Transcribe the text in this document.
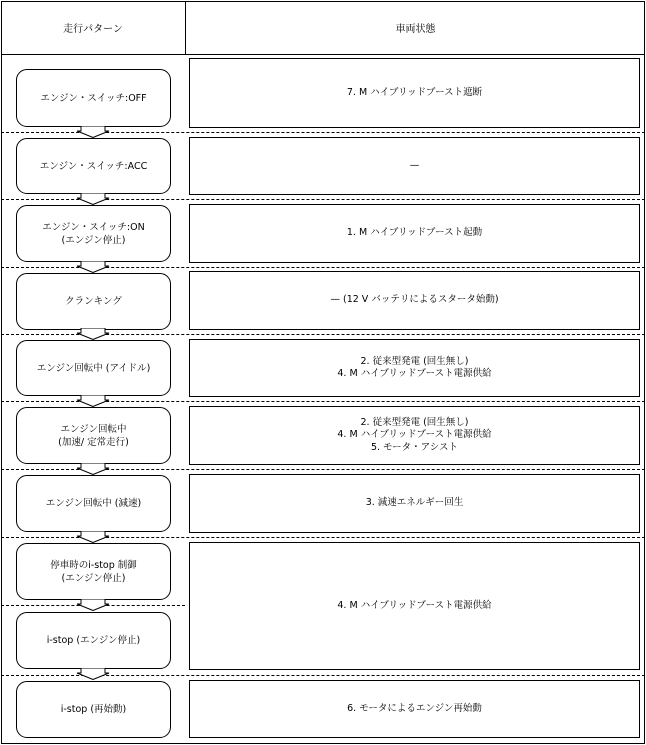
走行パターン	車両状態
エンジン・スイッチ:OFF
エンジン・スイッチ:ACC
エンジン・スイッチ:ON
(エンジン停止)
クランキング
エンジン回転中 (アイドル)
エンジン回転中
(加速/ 定常走行)
エンジン回転中 (減速)
停車時のi-stop 制御
(エンジン停止)
i-stop (エンジン停止)
i-stop (再始動)
7. M ハイブリッドブースト遮断
—
1. M ハイブリッドブースト起動
— (12 V バッテリによるスタータ始動)
2. 従来型発電 (回生無し)
4. M ハイブリッドブースト電源供給
2. 従来型発電 (回生無し)
4. M ハイブリッドブースト電源供給
5. モータ・アシスト
3. 減速エネルギー回生
4. M ハイブリッドブースト電源供給
6. モータによるエンジン再始動
